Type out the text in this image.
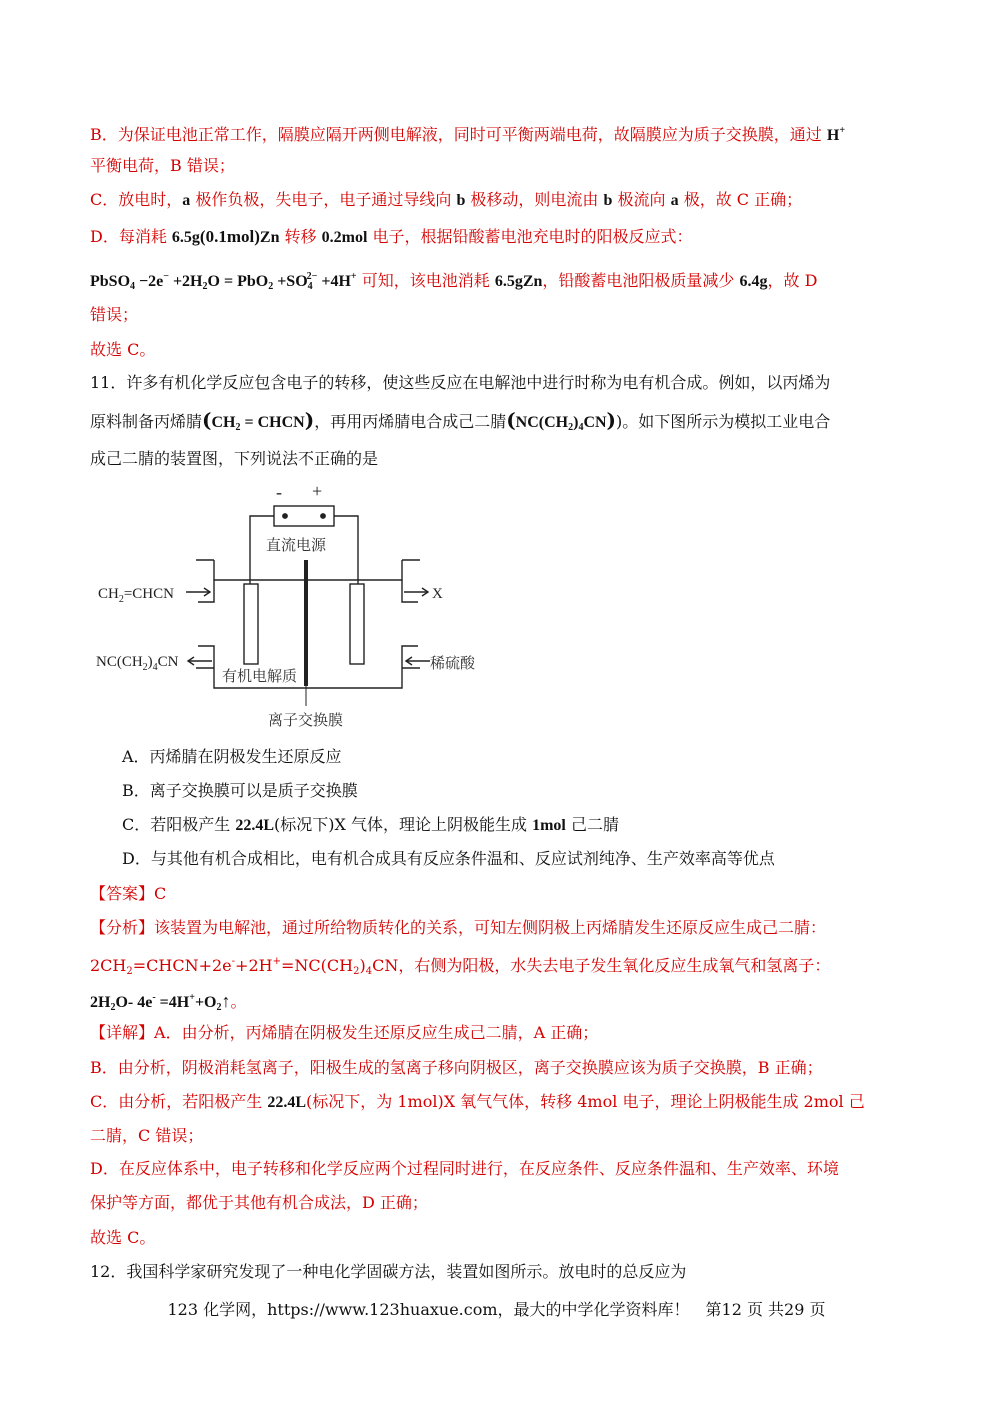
B．为保证电池正常工作，隔膜应隔开两侧电解液，同时可平衡两端电荷，故隔膜应为质子交换膜，通过 H+
平衡电荷，B 错误；
C．放电时，a 极作负极，失电子，电子通过导线向 b 极移动，则电流由 b 极流向 a 极，故 C 正确；
D．每消耗 6.5g(0.1mol)Zn 转移 0.2mol 电子，根据铅酸蓄电池充电时的阳极反应式：
PbSO$_4$ $-2e^- +2H_2O = PbO_2 +SO_4^{2-} +4H^+$ 可知，该电池消耗 6.5gZn，铅酸蓄电池阳极质量减少 6.4g，故 D
错误；
故选 C。
11．许多有机化学反应包含电子的转移，使这些反应在电解池中进行时称为电有机合成。例如，以丙烯为
原料制备丙烯腈($CH_2$ = CHCN)，再用丙烯腈电合成己二腈$(NC(CH_2)_4CN)$)。如下图所示为模拟工业电合
成己二腈的装置图，下列说法不正确的是
- +
直流电源
$CH_2=CHCN$
$NC(CH_2)_4CN$
X
稀硫酸
有机电解质
离子交换膜
A．丙烯腈在阴极发生还原反应
B．离子交换膜可以是质子交换膜
C．若阳极产生 22.4L(标况下)X 气体，理论上阴极能生成 1mol 己二腈
D．与其他有机合成相比，电有机合成具有反应条件温和、反应试剂纯净、生产效率高等优点
【答案】C
【分析】该装置为电解池，通过所给物质转化的关系，可知左侧阴极上丙烯腈发生还原反应生成己二腈：
$2CH_2=CHCN+2e^-+2H^+=NC(CH_2)_4CN$，右侧为阳极，水失去电子发生氧化反应生成氧气和氢离子：
$2H_2O-$ $4e^- =4H^++O_2↑$。
【详解】A．由分析，丙烯腈在阴极发生还原反应生成己二腈，A 正确；
B．由分析，阴极消耗氢离子，阳极生成的氢离子移向阴极区，离子交换膜应该为质子交换膜，B 正确；
C．由分析，若阳极产生 22.4L(标况下，为 1mol)X 氧气气体，转移 4mol 电子，理论上阴极能生成 2mol 己
二腈，C 错误；
D．在反应体系中，电子转移和化学反应两个过程同时进行，在反应条件、反应条件温和、生产效率、环境
保护等方面，都优于其他有机合成法，D 正确；
故选 C。
12．我国科学家研究发现了一种电化学固碳方法，装置如图所示。放电时的总反应为
123 化学网，https://www.123huaxue.com，最大的中学化学资料库！　第12 页 共29 页
